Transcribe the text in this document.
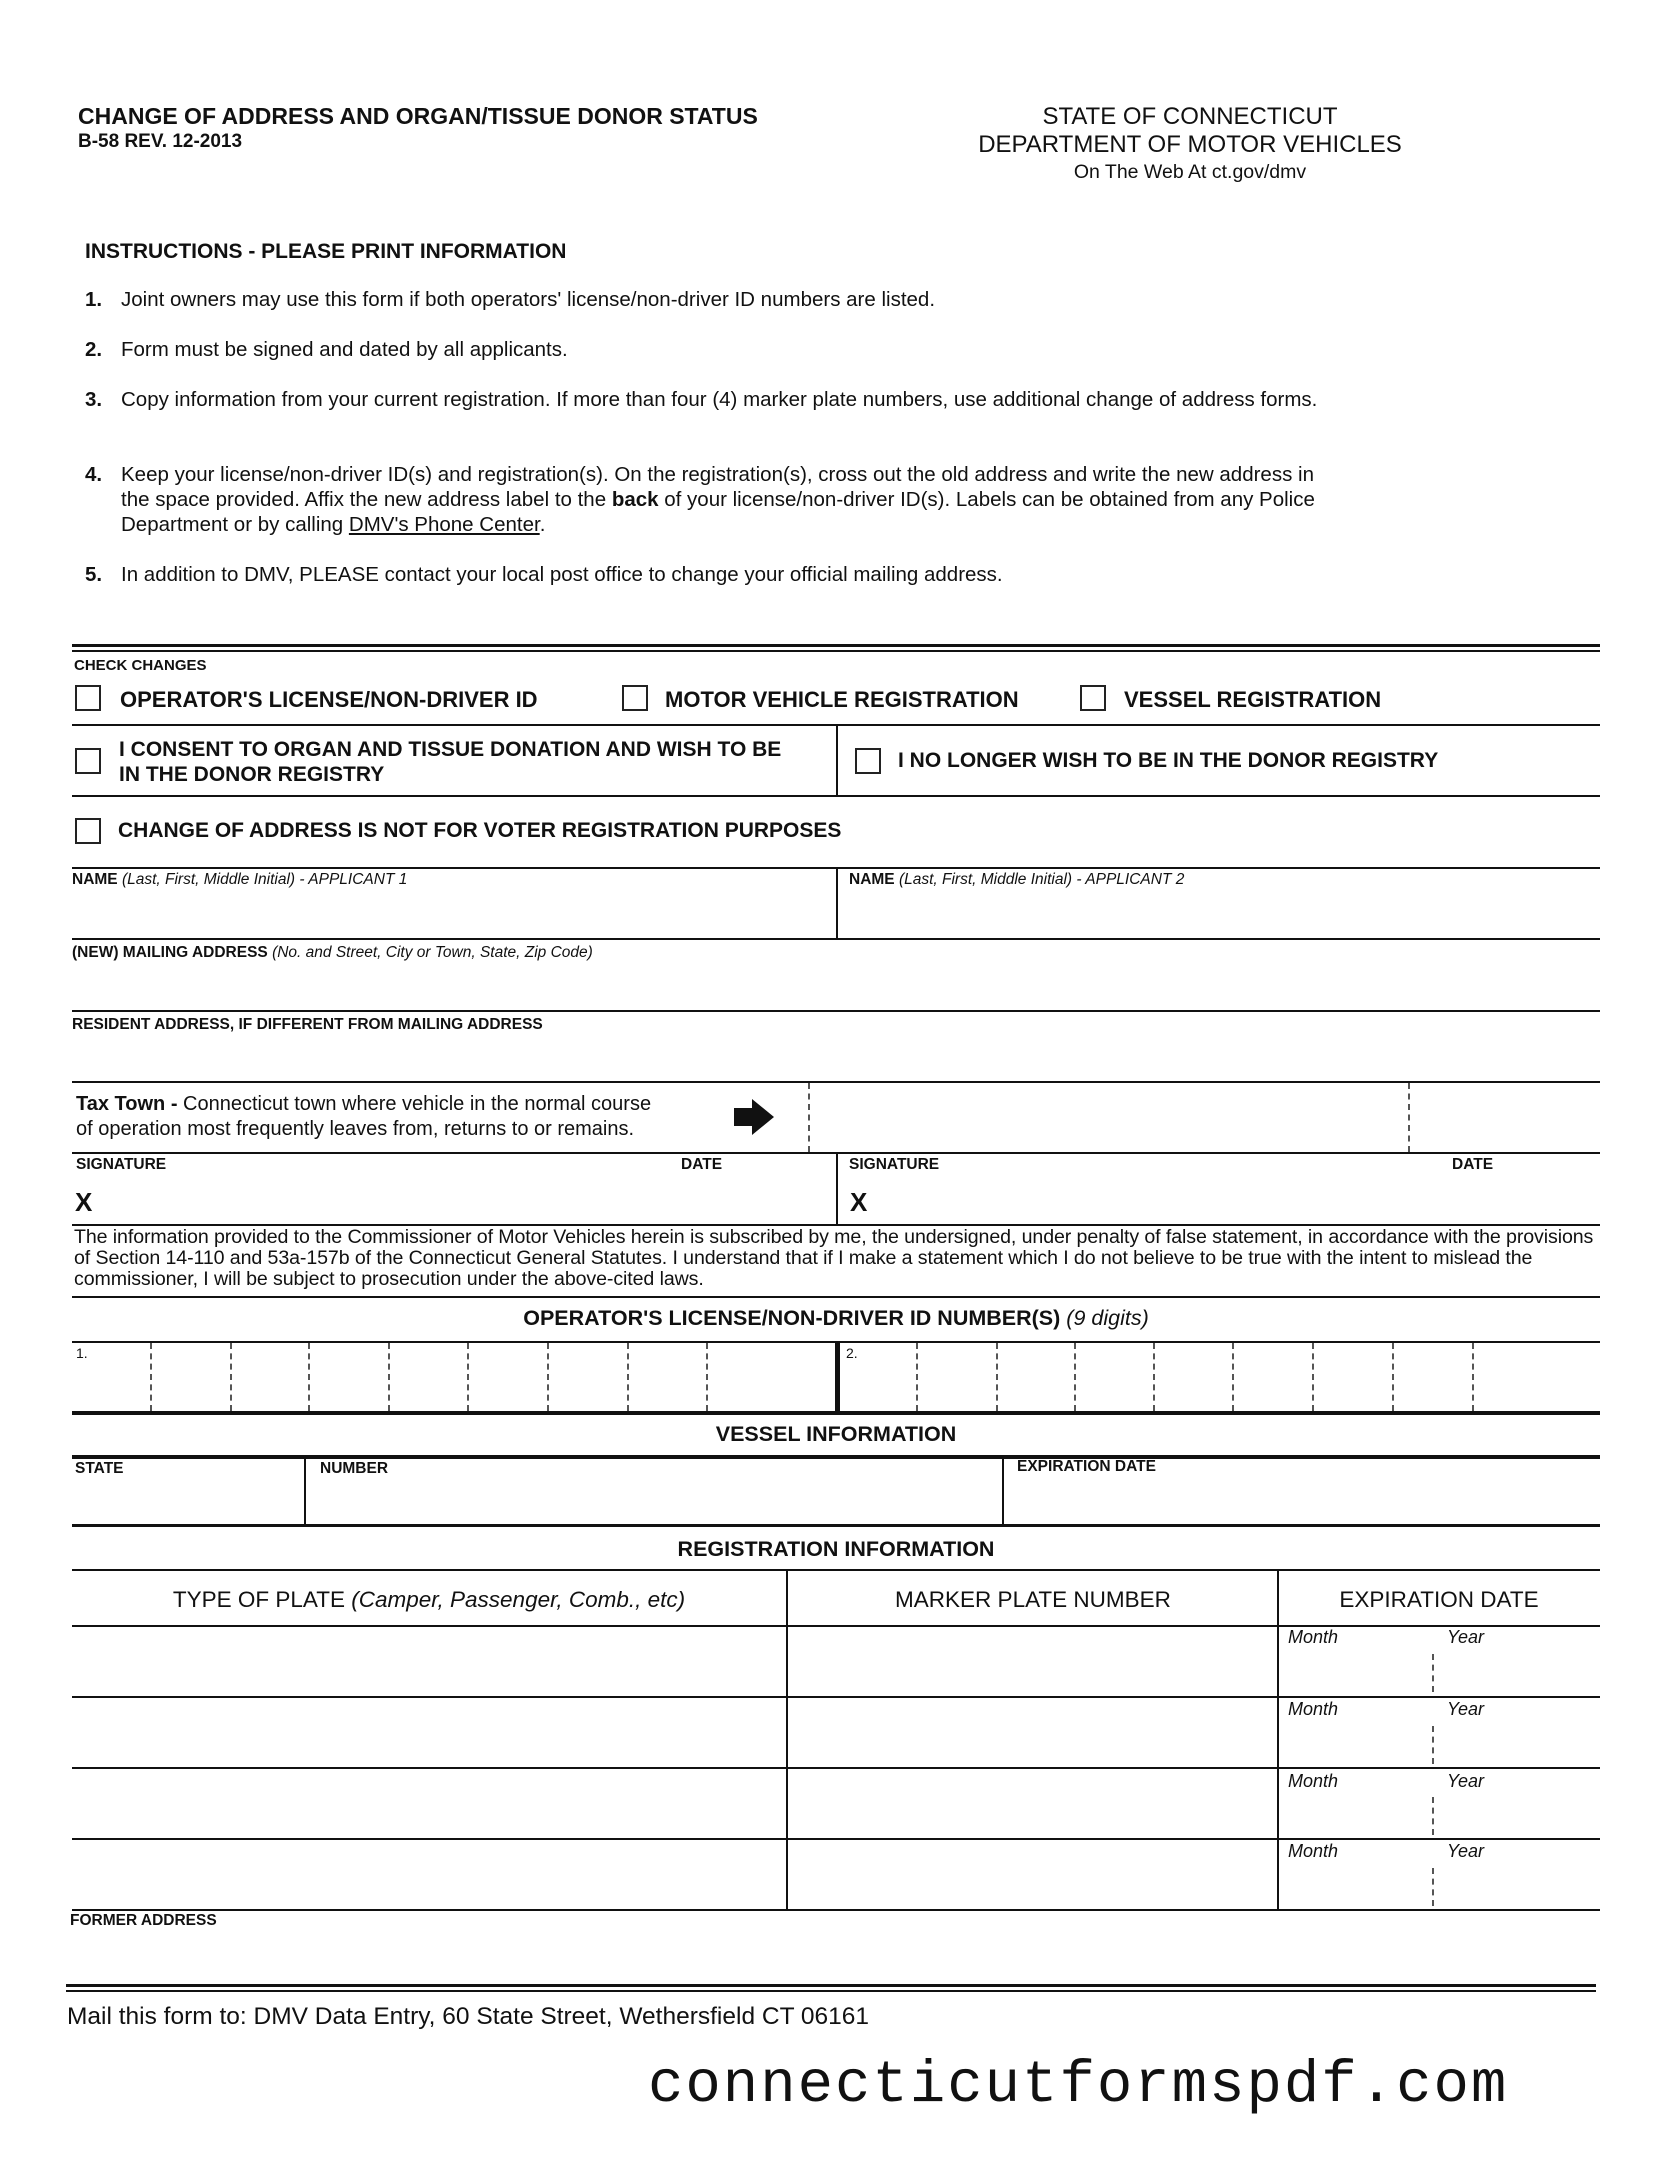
CHANGE OF ADDRESS AND ORGAN/TISSUE DONOR STATUS
B-58 REV. 12-2013
STATE OF CONNECTICUT
DEPARTMENT OF MOTOR VEHICLES
On The Web At ct.gov/dmv
INSTRUCTIONS - PLEASE PRINT INFORMATION
1. Joint owners may use this form if both operators' license/non-driver ID numbers are listed.
2. Form must be signed and dated by all applicants.
3. Copy information from your current registration. If more than four (4) marker plate numbers, use additional change of address forms.
4. Keep your license/non-driver ID(s) and registration(s). On the registration(s), cross out the old address and write the new address in the space provided. Affix the new address label to the back of your license/non-driver ID(s). Labels can be obtained from any Police Department or by calling DMV's Phone Center.
5. In addition to DMV, PLEASE contact your local post office to change your official mailing address.
CHECK CHANGES
OPERATOR'S LICENSE/NON-DRIVER ID	MOTOR VEHICLE REGISTRATION	VESSEL REGISTRATION
I CONSENT TO ORGAN AND TISSUE DONATION AND WISH TO BE
IN THE DONOR REGISTRY
I NO LONGER WISH TO BE IN THE DONOR REGISTRY
CHANGE OF ADDRESS IS NOT FOR VOTER REGISTRATION PURPOSES
NAME (Last, First, Middle Initial) - APPLICANT 1	NAME (Last, First, Middle Initial) - APPLICANT 2
(NEW) MAILING ADDRESS (No. and Street, City or Town, State, Zip Code)
RESIDENT ADDRESS, IF DIFFERENT FROM MAILING ADDRESS
Tax Town - Connecticut town where vehicle in the normal course
of operation most frequently leaves from, returns to or remains.
SIGNATURE	DATE
X
SIGNATURE	DATE
X
The information provided to the Commissioner of Motor Vehicles herein is subscribed by me, the undersigned, under penalty of false statement, in accordance with the provisions of Section 14-110 and 53a-157b of the Connecticut General Statutes. I understand that if I make a statement which I do not believe to be true with the intent to mislead the commissioner, I will be subject to prosecution under the above-cited laws.
OPERATOR'S LICENSE/NON-DRIVER ID NUMBER(S) (9 digits)
1.	2.
VESSEL INFORMATION
STATE	NUMBER	EXPIRATION DATE
REGISTRATION INFORMATION
TYPE OF PLATE (Camper, Passenger, Comb., etc)	MARKER PLATE NUMBER	EXPIRATION DATE
Month	Year
Month	Year
Month	Year
Month	Year
FORMER ADDRESS
Mail this form to: DMV Data Entry, 60 State Street, Wethersfield CT 06161
connecticutformspdf.com
